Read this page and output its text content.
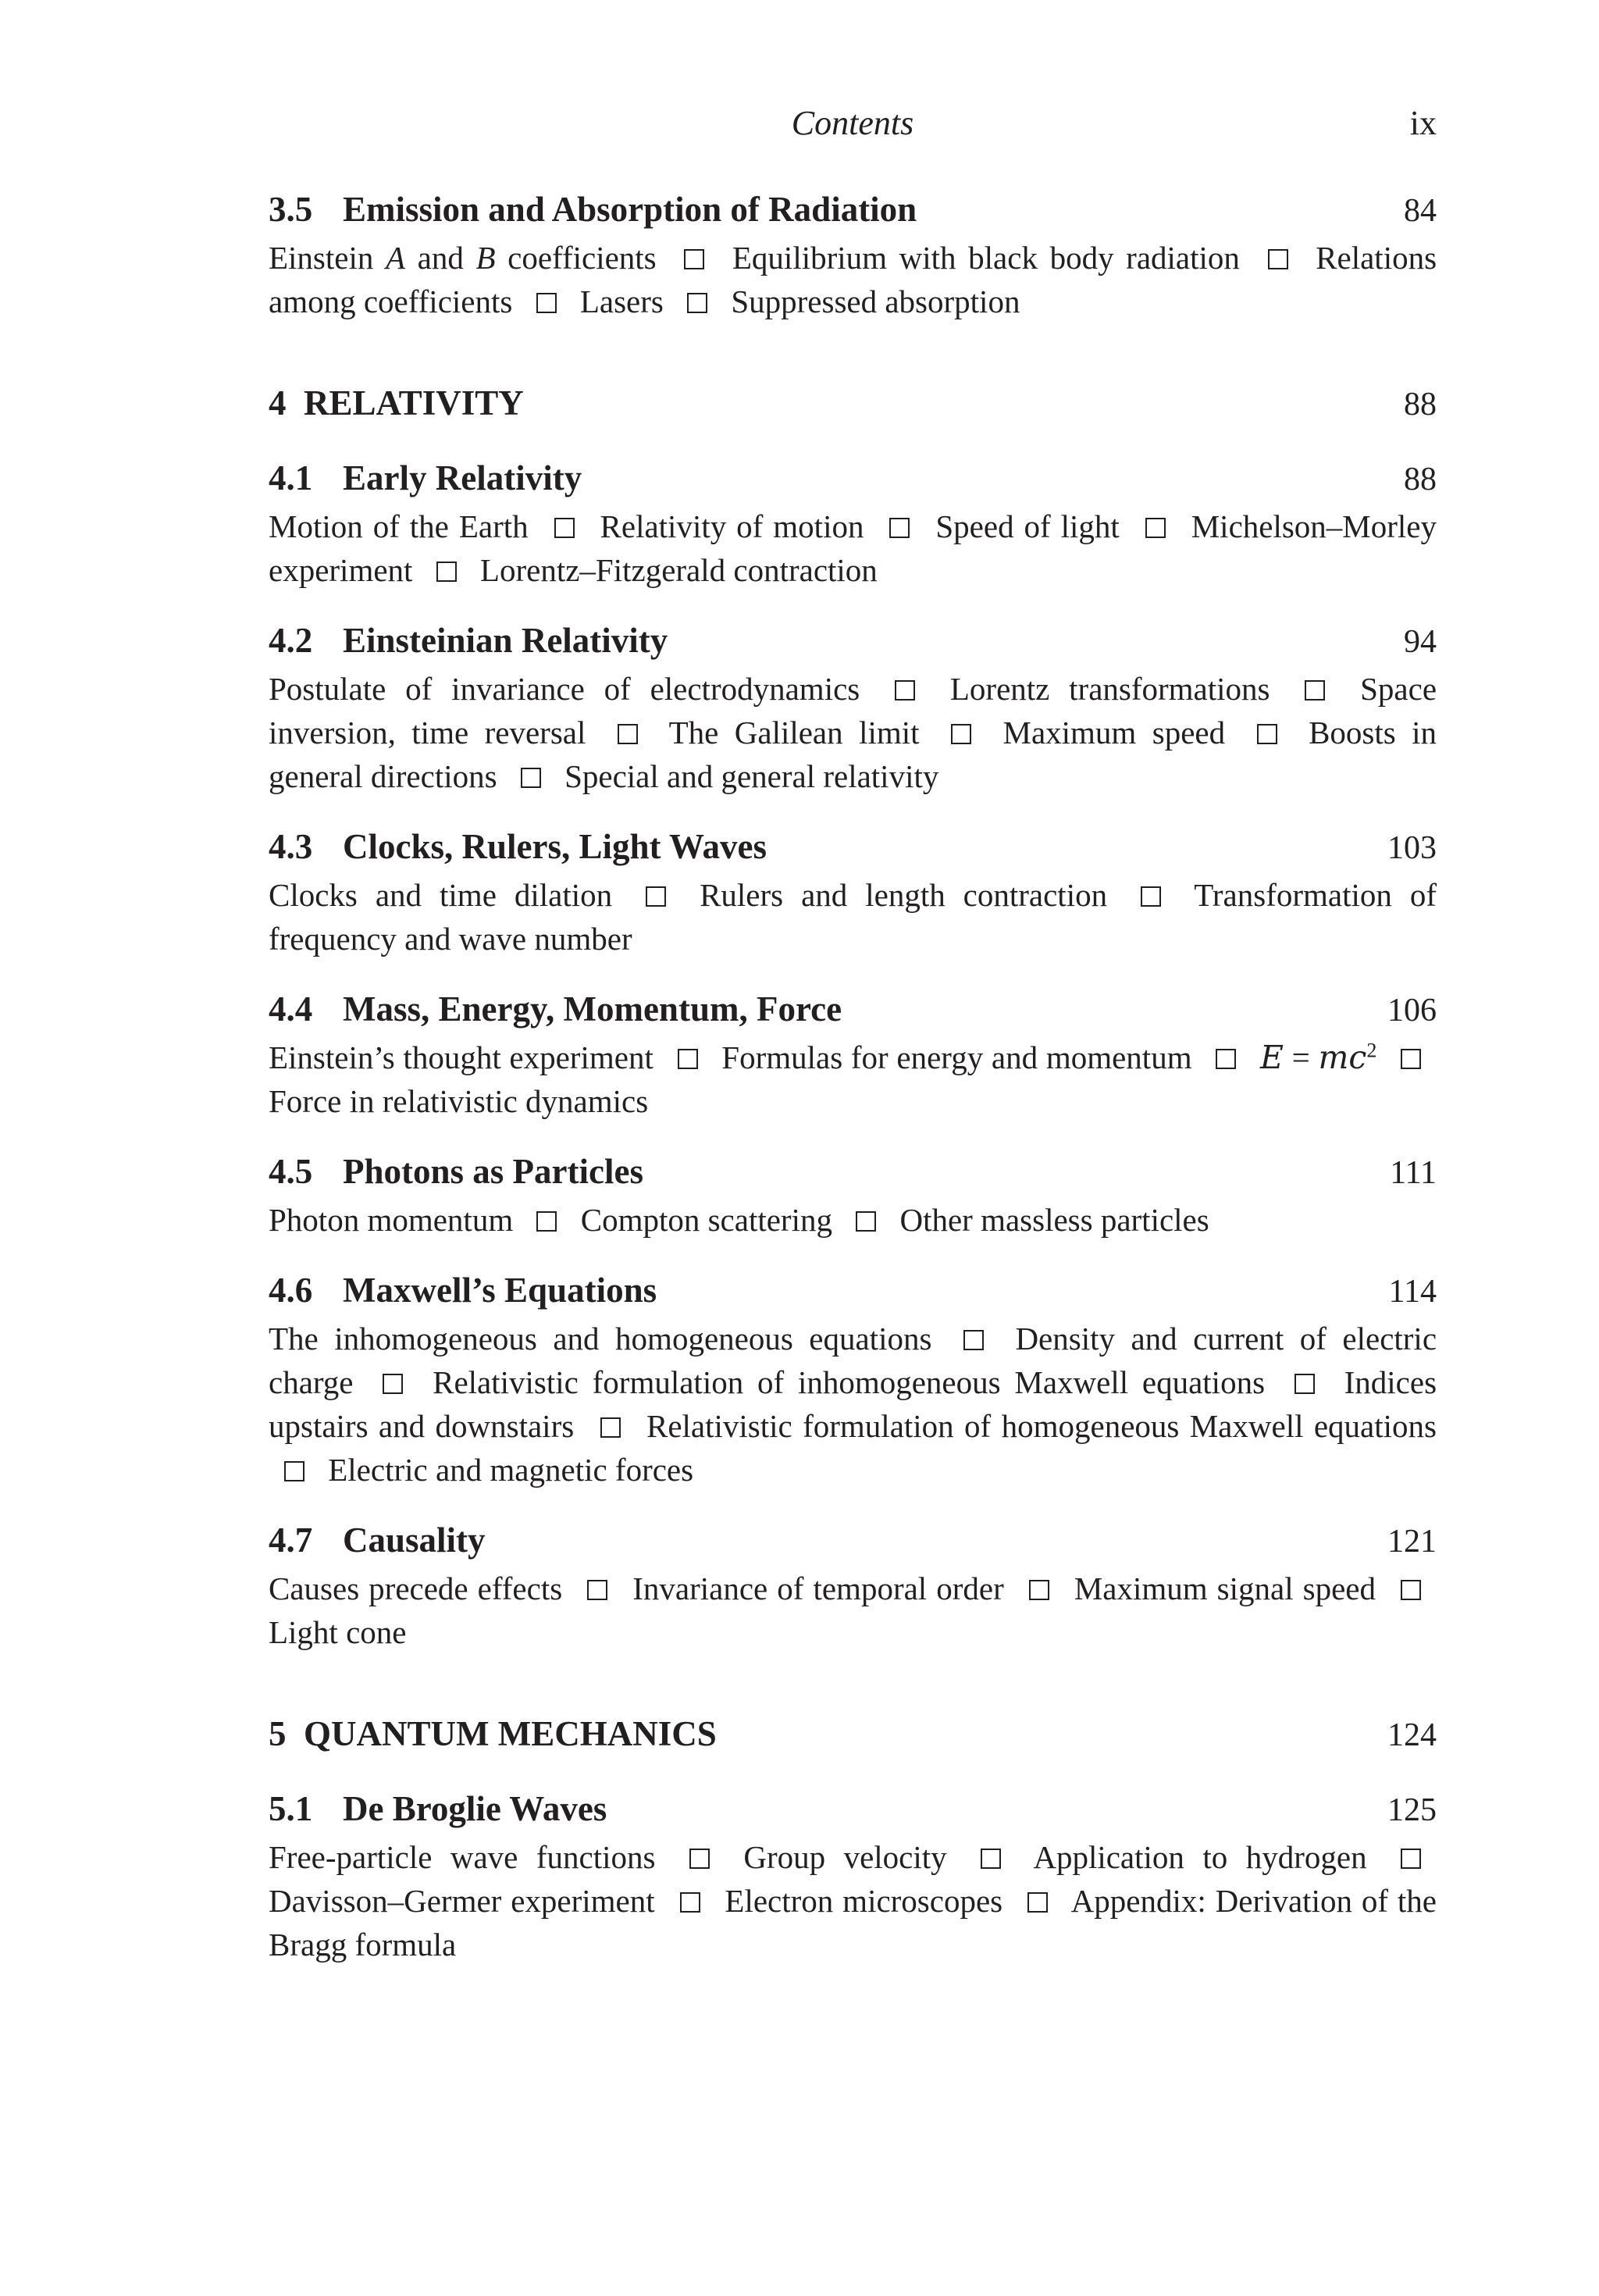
Contents	ix
3.5 Emission and Absorption of Radiation	84
Einstein A and B coefficients Equilibrium with black body radiation Relations among coefficients Lasers Suppressed absorption
4  RELATIVITY	88
4.1 Early Relativity	88
Motion of the Earth Relativity of motion Speed of light Michelson–Morley experiment Lorentz–Fitzgerald contraction
4.2 Einsteinian Relativity	94
Postulate of invariance of electrodynamics	Lorentz transformations	Space inversion, time reversal	The Galilean limit	Maximum speed	Boosts in general directions Special and general relativity
4.3 Clocks, Rulers, Light Waves	103
Clocks and time dilation	Rulers and length contraction	Transformation of frequency and wave number
4.4 Mass, Energy, Momentum, Force	106
Einstein’s thought experiment Formulas for energy and momentum $E = mc^2$  Force in relativistic dynamics
4.5 Photons as Particles	111
Photon momentum Compton scattering Other massless particles
4.6 Maxwell’s Equations	114
The inhomogeneous and homogeneous equations	Density and current of electric charge Relativistic formulation of inhomogeneous Maxwell equations Indices upstairs and downstairs Relativistic formulation of homogeneous Maxwell equations  Electric and magnetic forces
4.7 Causality	121
Causes precede effects Invariance of temporal order Maximum signal speed  Light cone
5  QUANTUM MECHANICS	124
5.1 De Broglie Waves	125
Free-particle wave functions	Group velocity	Application to hydrogen  Davisson–Germer experiment Electron microscopes Appendix: Derivation of the Bragg formula
